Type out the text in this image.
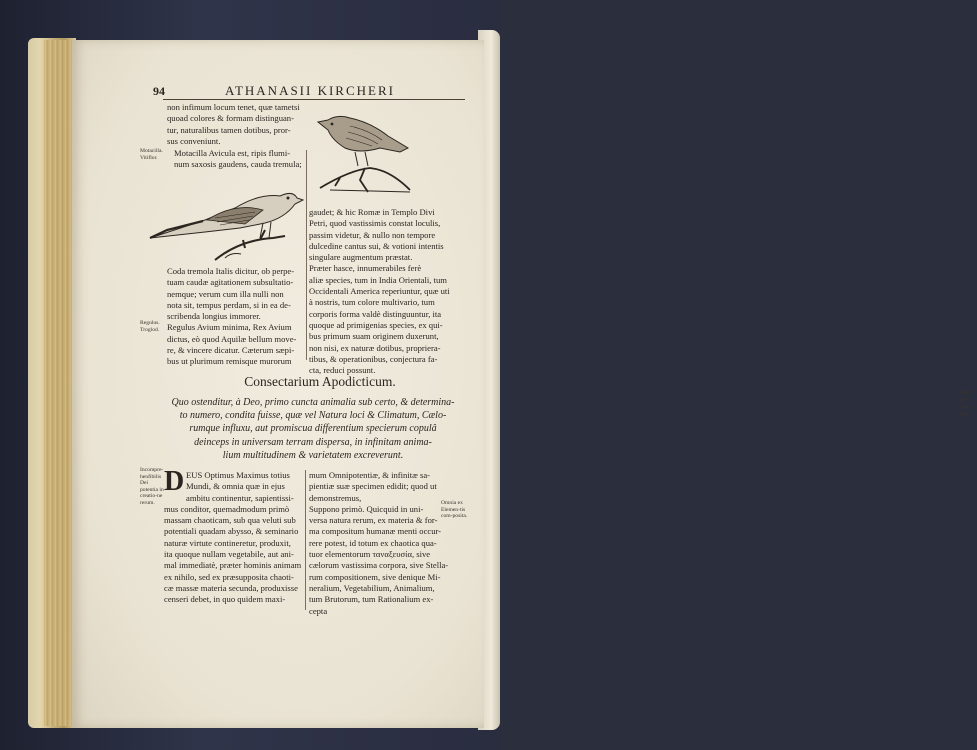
omni toti Cae sub
94	ATHANASII KIRCHERI
non infimum locum tenet, quæ tametsi
quoad colores & formam distinguan-
tur, naturalibus tamen dotibus, pror-
sus conveniunt.
Motacilla Avicula est, ripis flumi-
num saxosis gaudens, cauda tremula;
Motacilla. Vitiflor.
Coda tremola Italis dicitur, ob perpe-
tuam caudæ agitationem subsultatio-
nemque; verum cum illa nulli non
nota sit, tempus perdam, si in ea de-
scribenda longius immorer.
Regulus Avium minima, Rex Avium
dictus, eò quod Aquilæ bellum move-
re, & vincere dicatur. Cæterum sæpi-
bus ut plurimum remisque murorum
Regulus. Troglod.
gaudet; & hic Romæ in Templo Divi
Petri, quod vastissimis constat loculis,
passim videtur, & nullo non tempore
dulcedine cantus sui, & votioni intentis
singulare augmentum præstat.
Præter hasce, innumerabiles ferè
aliæ species, tum in India Orientali, tum
Occidentali America reperiuntur, quæ uti
à nostris, tum colore multivario, tum
corporis forma valdè distinguuntur, ita
quoque ad primigenias species, ex qui-
bus primum suam originem duxerunt,
non nisi, ex naturæ dotibus, propriera-
tibus, & operationibus, conjectura fa-
cta, reduci possunt.
Consectarium Apodicticum.
Quo ostenditur, à Deo, primo cuncta animalia sub certo, & determina-
to numero, condita fuisse, quæ vel Natura loci & Climatum, Cælo-
rumque influxu, aut promiscua differentium specierum copulâ
deinceps in universam terram dispersa, in infinitam anima-
lium multitudinem & varietatem excreverunt.
D
Incompre-henfibilis Dei potentia in creatio-ne rerum.
EUS Optimus Maximus totius
Mundi, & omnia quæ in ejus
ambitu continentur, sapientissi-
mus conditor, quemadmodum primò
massam chaoticam, sub qua veluti sub
potentiali quadam abysso, & seminario
naturæ virtute contineretur, produxit,
ita quoque nullam vegetabile, aut ani-
mal immediatè, præter hominis animam
ex nihilo, sed ex præsupposita chaoti-
cæ massæ materia secunda, produxisse
censeri debet, in quo quidem maxi-
mum Omnipotentiæ, & infinitæ sa-
pientiæ suæ specimen edidit; quod ut
demonstremus,
Suppono primò. Quicquid in uni-
versa natura rerum, ex materia & for-
ma compositum humanæ menti occur-
rere potest, id totum ex chaotica qua-
tuor elementorum ταναξευσία, sive
cælorum vastissima corpora, sive Stella-
rum compositionem, sive denique Mi-
neralium, Vegetabilium, Animalium,
tum Brutorum, tum Rationalium ex-
cepta
Omnia ex Elemen-tis com-posita.
